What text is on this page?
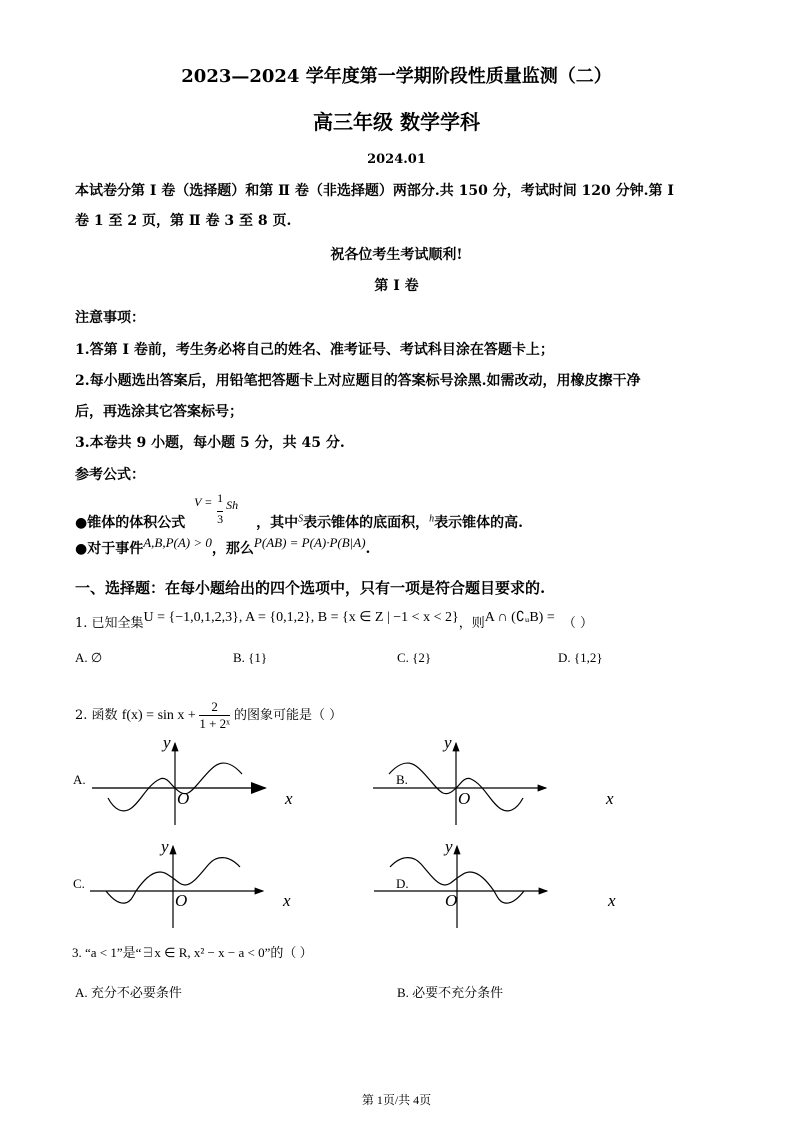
2023—2024 学年度第一学期阶段性质量监测（二）
高三年级 数学学科
2024.01
本试卷分第 I 卷（选择题）和第 Ⅱ 卷（非选择题）两部分.共 150 分，考试时间 120 分钟.第 I
卷 1 至 2 页，第 Ⅱ 卷 3 至 8 页.
祝各位考生考试顺利!
第 I 卷
注意事项：
1.答第 I 卷前，考生务必将自己的姓名、准考证号、考试科目涂在答题卡上；
2.每小题选出答案后，用铅笔把答题卡上对应题目的答案标号涂黑.如需改动，用橡皮擦干净
后，再选涂其它答案标号；
3.本卷共 9 小题，每小题 5 分，共 45 分.
参考公式：
●锥体的体积公式
V = 1
3
Sh
，其中$^S$表示锥体的底面积，$^h$表示锥体的高.
●对于事件A,B,P(A) > 0，那么P(AB) = P(A)·P(B|A).
一、选择题：在每小题给出的四个选项中，只有一项是符合题目要求的.
1. 已知全集U = {−1,0,1,2,3}, A = {0,1,2}, B = {x ∈ Z | −1 < x < 2}，则A ∩ (∁ᵤB) = （ ）
A. ∅	B. {1}	C. {2}	D. {1,2}
2. 函数 $f(x) = \sin x + \frac{2}{\text{1 + 2ˣ}}$ 的图象可能是（ ）
A.	B.
C.	D.
O	x
y
O	x
y
O	x
y
O	x
y
3. “a < 1”是“∃x ∈ R, x² − x − a < 0”的（ ）
A. 充分不必要条件	B. 必要不充分条件
第 1页/共 4页
